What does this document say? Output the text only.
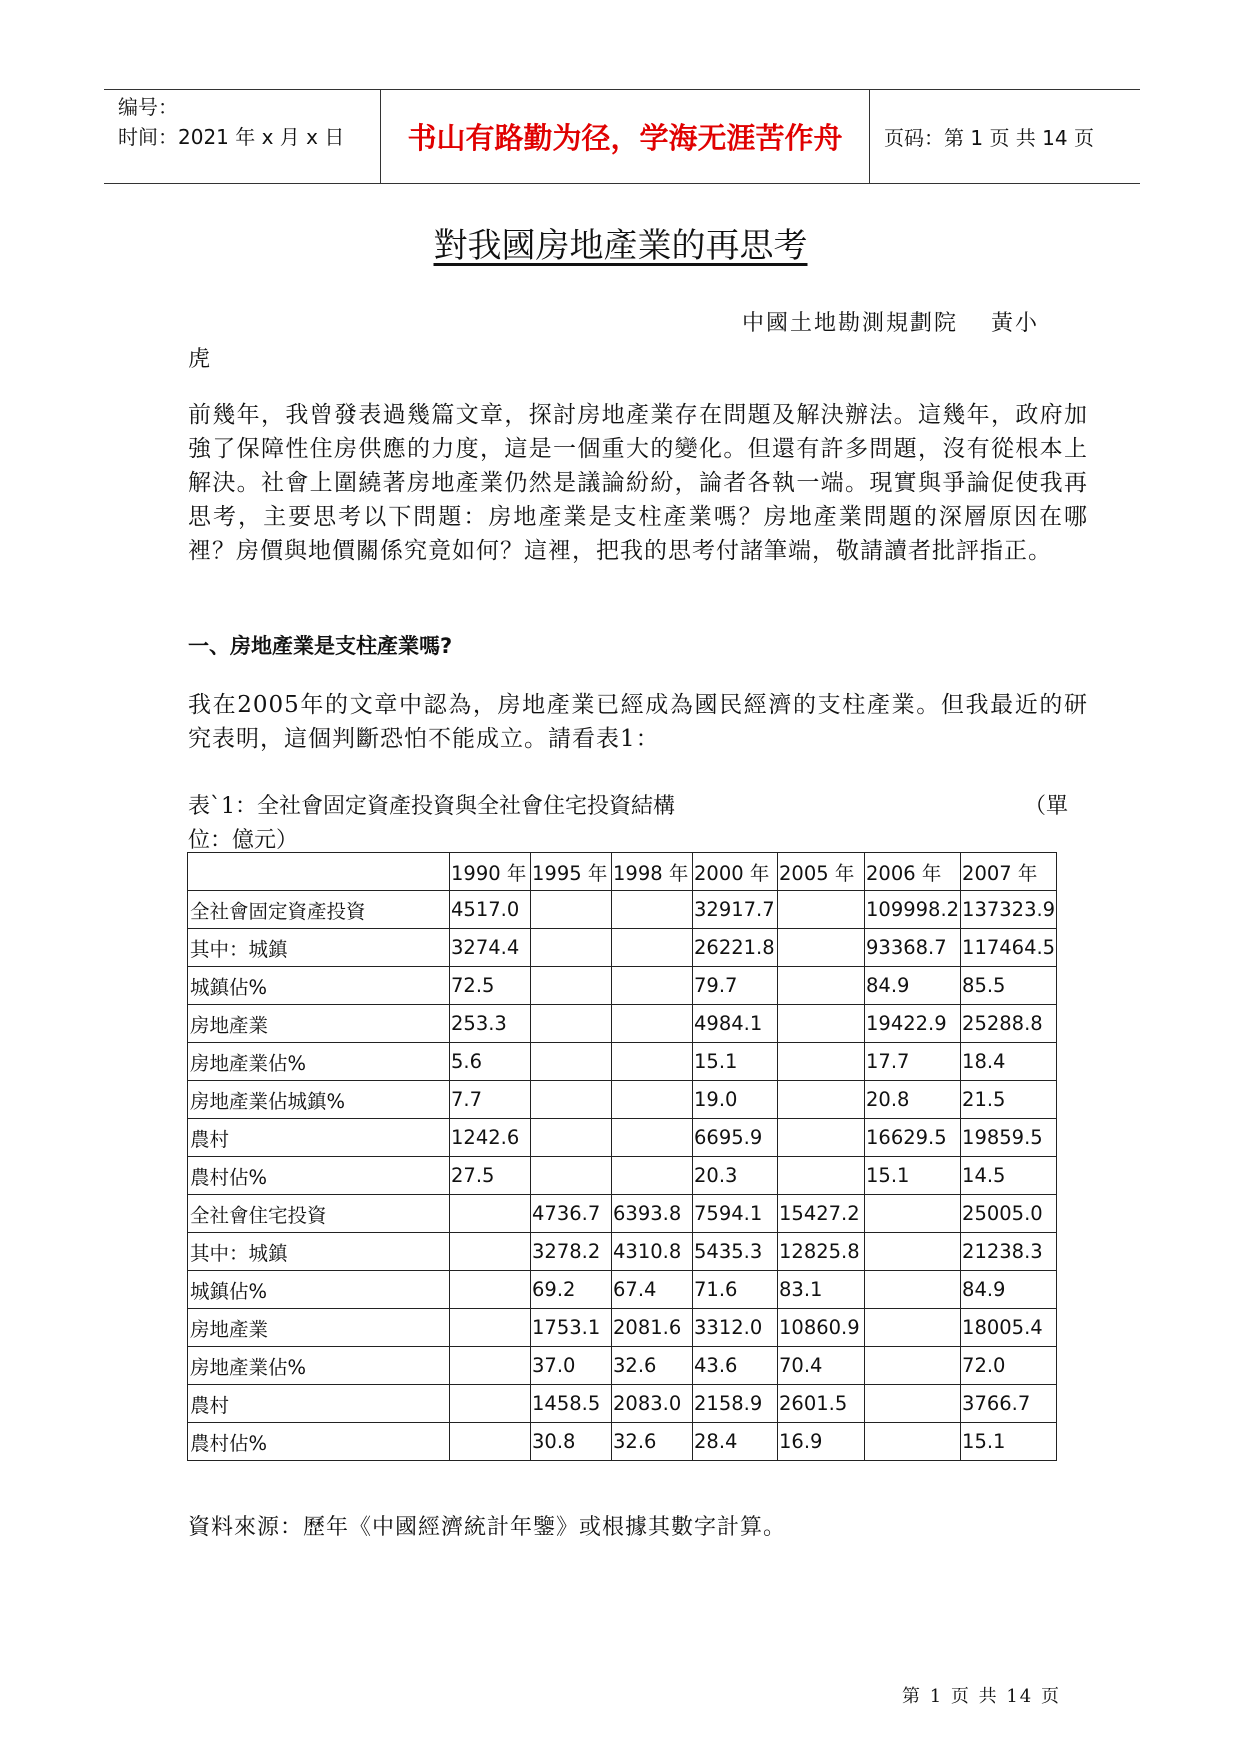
编号：
时间：2021 年 x 月 x 日	书山有路勤为径，学海无涯苦作舟	页码：第 1 页 共 14 页
對我國房地產業的再思考
中國土地勘測規劃院　 黃小
虎
前幾年，我曾發表過幾篇文章，探討房地產業存在問題及解決辦法。這幾年，政府加強了保障性住房供應的力度，這是一個重大的變化。但還有許多問題，沒有從根本上解決。社會上圍繞著房地產業仍然是議論紛紛，論者各執一端。現實與爭論促使我再思考，主要思考以下問題：房地產業是支柱產業嗎？房地產業問題的深層原因在哪裡？房價與地價關係究竟如何？這裡，把我的思考付諸筆端，敬請讀者批評指正。
一、房地產業是支柱產業嗎?
我在2005年的文章中認為，房地產業已經成為國民經濟的支柱產業。但我最近的研究表明，這個判斷恐怕不能成立。請看表1：
表`1：全社會固定資產投資與全社會住宅投資結構	（單
位：億元）
	1990 年	1995 年	1998 年	2000 年	2005 年	2006 年	2007 年
全社會固定資產投資	4517.0			32917.7		109998.2	137323.9
其中：城鎮	3274.4			26221.8		93368.7	117464.5
城鎮佔%	72.5			79.7		84.9	85.5
房地產業	253.3			4984.1		19422.9	25288.8
房地產業佔%	5.6			15.1		17.7	18.4
房地產業佔城鎮%	7.7			19.0		20.8	21.5
農村	1242.6			6695.9		16629.5	19859.5
農村佔%	27.5			20.3		15.1	14.5
全社會住宅投資		4736.7	6393.8	7594.1	15427.2		25005.0
其中：城鎮		3278.2	4310.8	5435.3	12825.8		21238.3
城鎮佔%		69.2	67.4	71.6	83.1		84.9
房地產業		1753.1	2081.6	3312.0	10860.9		18005.4
房地產業佔%		37.0	32.6	43.6	70.4		72.0
農村		1458.5	2083.0	2158.9	2601.5		3766.7
農村佔%		30.8	32.6	28.4	16.9		15.1
資料來源：歷年《中國經濟統計年鑒》或根據其數字計算。
第 1 页 共 14 页
